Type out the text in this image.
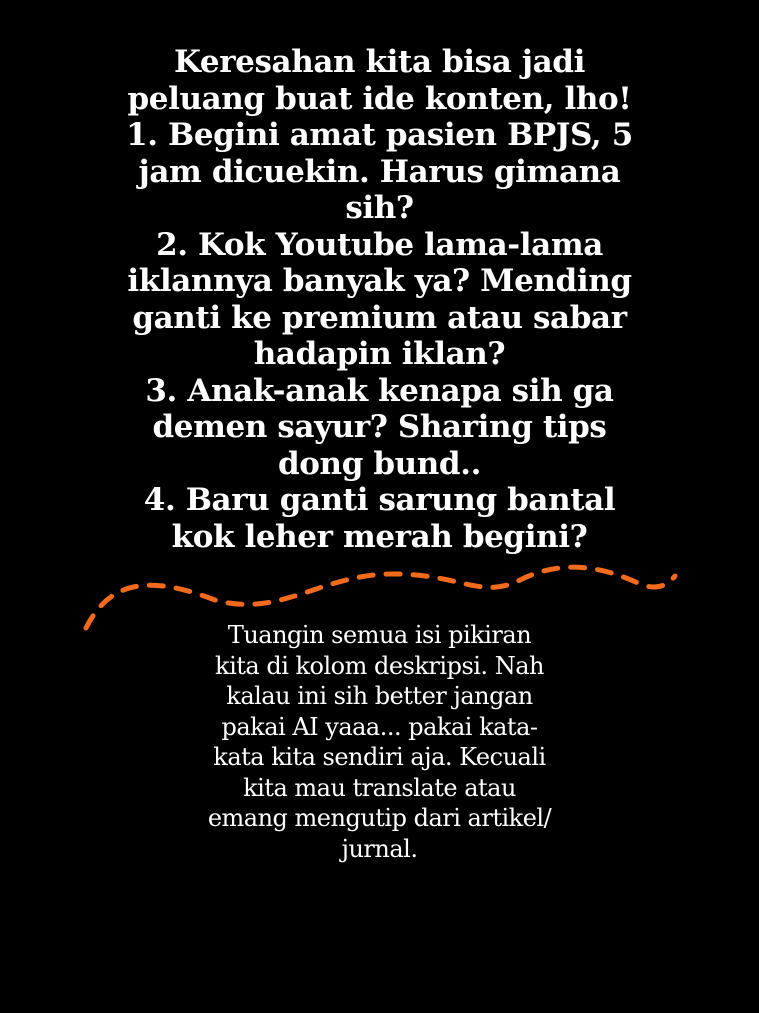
Keresahan kita bisa jadi
peluang buat ide konten, lho!
1. Begini amat pasien BPJS, 5
jam dicuekin. Harus gimana
sih?
2. Kok Youtube lama-lama
iklannya banyak ya? Mending
ganti ke premium atau sabar
hadapin iklan?
3. Anak-anak kenapa sih ga
demen sayur? Sharing tips
dong bund..
4. Baru ganti sarung bantal
kok leher merah begini?

Tuangin semua isi pikiran
kita di kolom deskripsi. Nah
kalau ini sih better jangan
pakai AI yaaa... pakai kata-
kata kita sendiri aja. Kecuali
kita mau translate atau
emang mengutip dari artikel/
jurnal.
